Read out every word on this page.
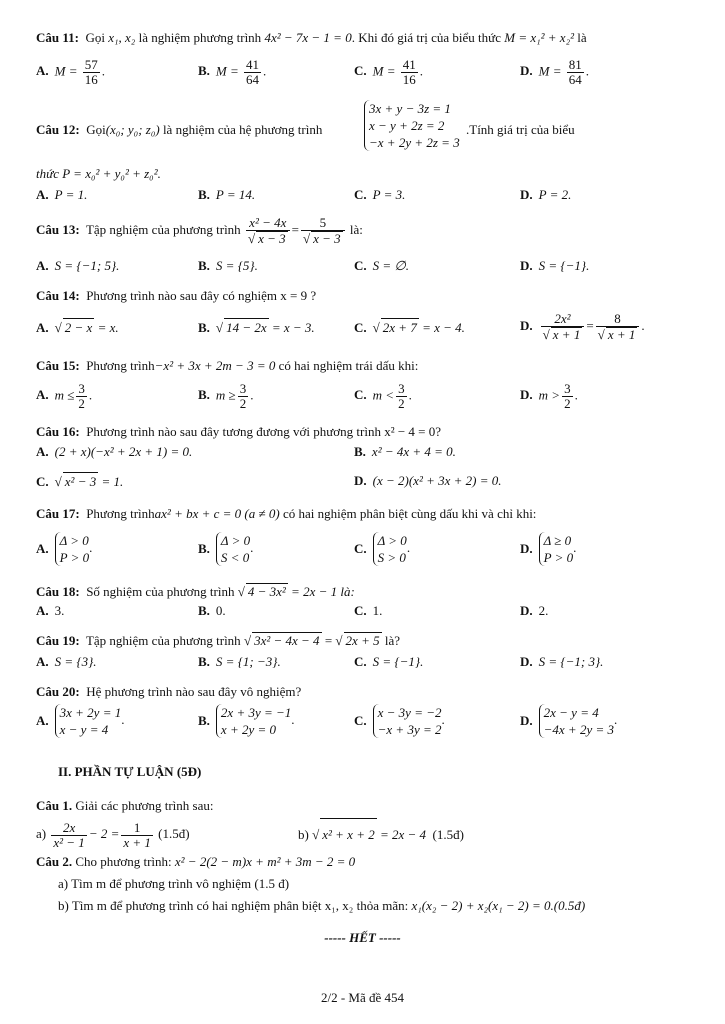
Câu 11: Gọi x₁, x₂ là nghiệm phương trình 4x² − 7x − 1 = 0. Khi đó giá trị của biểu thức M = x₁² + x₂² là
A. $M = \frac{57}{16}$ .	B. $M = \frac{41}{64}$ .	C. $M = \frac{41}{16}$ .	D. $M = \frac{81}{64}$ .
Câu 12: Gọi(x₀; y₀; z₀) là nghiệm của hệ phương trình
3x + y − 3z = 1
x − y + 2z = 2
−x + 2y + 2z = 3
.Tính giá trị của biểu
thức P = x₀² + y₀² + z₀².
A. P = 1.	B. P = 14.	C. P = 3.	D. P = 2.
Câu 13: Tập nghiệm của phương trình $\frac{\text{x² − 4x}}{√ x - 3} = \frac{5}{√ x - 3}$ là:
A. S = {−1; 5}.	B. S = {5}.	C. S = ∅.	D. S = {−1}.
Câu 14: Phương trình nào sau đây có nghiệm x = 9 ?
A. √ 2 − x = x.	B. √ 14 − 2x = x − 3.	C. √ 2x + 7 = x − 4.	D. $\frac{\text{2x²}}{√ x + 1} = \frac{8}{√ x + 1}$ .
Câu 15: Phương trình−x² + 3x + 2m − 3 = 0 có hai nghiệm trái dấu khi:
A. $m \le \frac{3}{2}$ .	B. $m \ge \frac{3}{2}$ .	C. $m < \frac{3}{2}$ .	D. $m > \frac{3}{2}$ .
Câu 16: Phương trình nào sau đây tương đương với phương trình x² − 4 = 0?
A. (2 + x)(−x² + 2x + 1) = 0.	B. x² − 4x + 4 = 0.
C. √ x² − 3 = 1.	D. (x − 2)(x² + 3x + 2) = 0.
Câu 17: Phương trìnhax² + bx + c = 0 (a ≠ 0) có hai nghiệm phân biệt cùng dấu khi và chỉ khi:
A.
Δ > 0
P > 0
.	B.
Δ > 0
S < 0
.	C.
Δ > 0
S > 0
.	D.
Δ ≥ 0
P > 0
.
Câu 18: Số nghiệm của phương trình √ 4 − 3x² = 2x − 1 là:
A. 3.	B. 0.	C. 1.	D. 2.
Câu 19: Tập nghiệm của phương trình √ 3x² − 4x − 4 = √ 2x + 5 là?
A. S = {3}.	B. S = {1; −3}.	C. S = {−1}.	D. S = {−1; 3}.
Câu 20: Hệ phương trình nào sau đây vô nghiệm?
A.
3x + 2y = 1
x − y = 4
.	B.
2x + 3y = −1
x + 2y = 0
.	C.
x − 3y = −2
−x + 3y = 2
.	D.
2x − y = 4
−4x + 2y = 3
.
II. PHẦN TỰ LUẬN (5Đ)
Câu 1. Giải các phương trình sau:
$a) \frac{2x}{\text{x² − 1}} - 2 = \frac{1}{x + 1}$ (1.5đ)	b) √ x² + x + 2 = 2x − 4 (1.5đ)
Câu 2. Cho phương trình: x² − 2(2 − m)x + m² + 3m − 2 = 0
a) Tìm m để phương trình vô nghiệm (1.5 đ)
b) Tìm m để phương trình có hai nghiệm phân biệt x₁, x₂ thỏa mãn: x₁(x₂ − 2) + x₂(x₁ − 2) = 0.(0.5đ)
----- HẾT -----
2/2 - Mã đề 454
